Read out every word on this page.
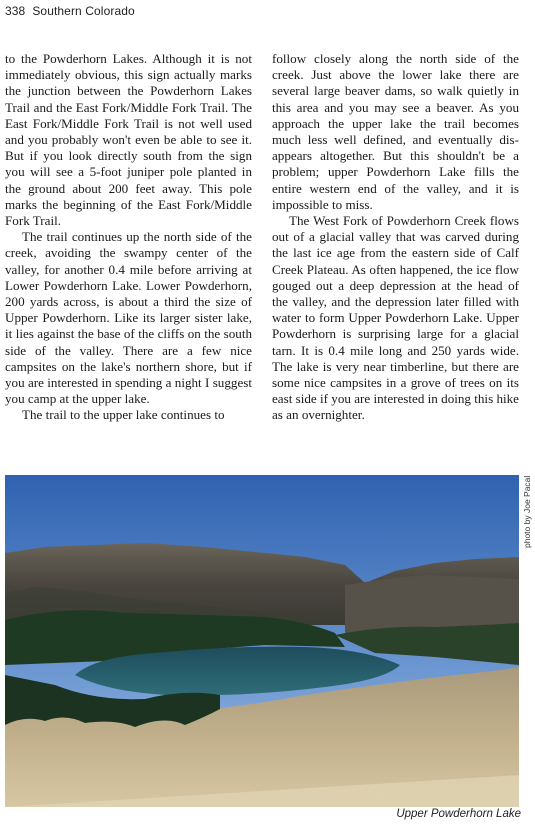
338 Southern Colorado

to the Powderhorn Lakes. Although it is not immediately obvious, this sign actually marks the junction between the Powderhorn Lakes Trail and the East Fork/Middle Fork Trail. The East Fork/Middle Fork Trail is not well used and you probably won't even be able to see it. But if you look directly south from the sign you will see a 5-foot juniper pole planted in the ground about 200 feet away. This pole marks the beginning of the East Fork/Middle Fork Trail.

The trail continues up the north side of the creek, avoiding the swampy center of the valley, for another 0.4 mile before arriving at Lower Powderhorn Lake. Lower Powderhorn, 200 yards across, is about a third the size of Upper Powderhorn. Like its larger sister lake, it lies against the base of the cliffs on the south side of the valley. There are a few nice campsites on the lake's northern shore, but if you are interested in spending a night I suggest you camp at the upper lake.

The trail to the upper lake continues to

follow closely along the north side of the creek. Just above the lower lake there are several large beaver dams, so walk quietly in this area and you may see a beaver. As you approach the upper lake the trail becomes much less well defined, and eventually disappears altogether. But this shouldn't be a problem; upper Powderhorn Lake fills the entire western end of the valley, and it is impossible to miss.

The West Fork of Powderhorn Creek flows out of a glacial valley that was carved during the last ice age from the eastern side of Calf Creek Plateau. As often happened, the ice flow gouged out a deep depression at the head of the valley, and the depression later filled with water to form Upper Powderhorn Lake. Upper Powderhorn is surprising large for a glacial tarn. It is 0.4 mile long and 250 yards wide. The lake is very near timberline, but there are some nice campsites in a grove of trees on its east side if you are interested in doing this hike as an overnighter.

photo by Joe Pacal
Upper Powderhorn Lake
